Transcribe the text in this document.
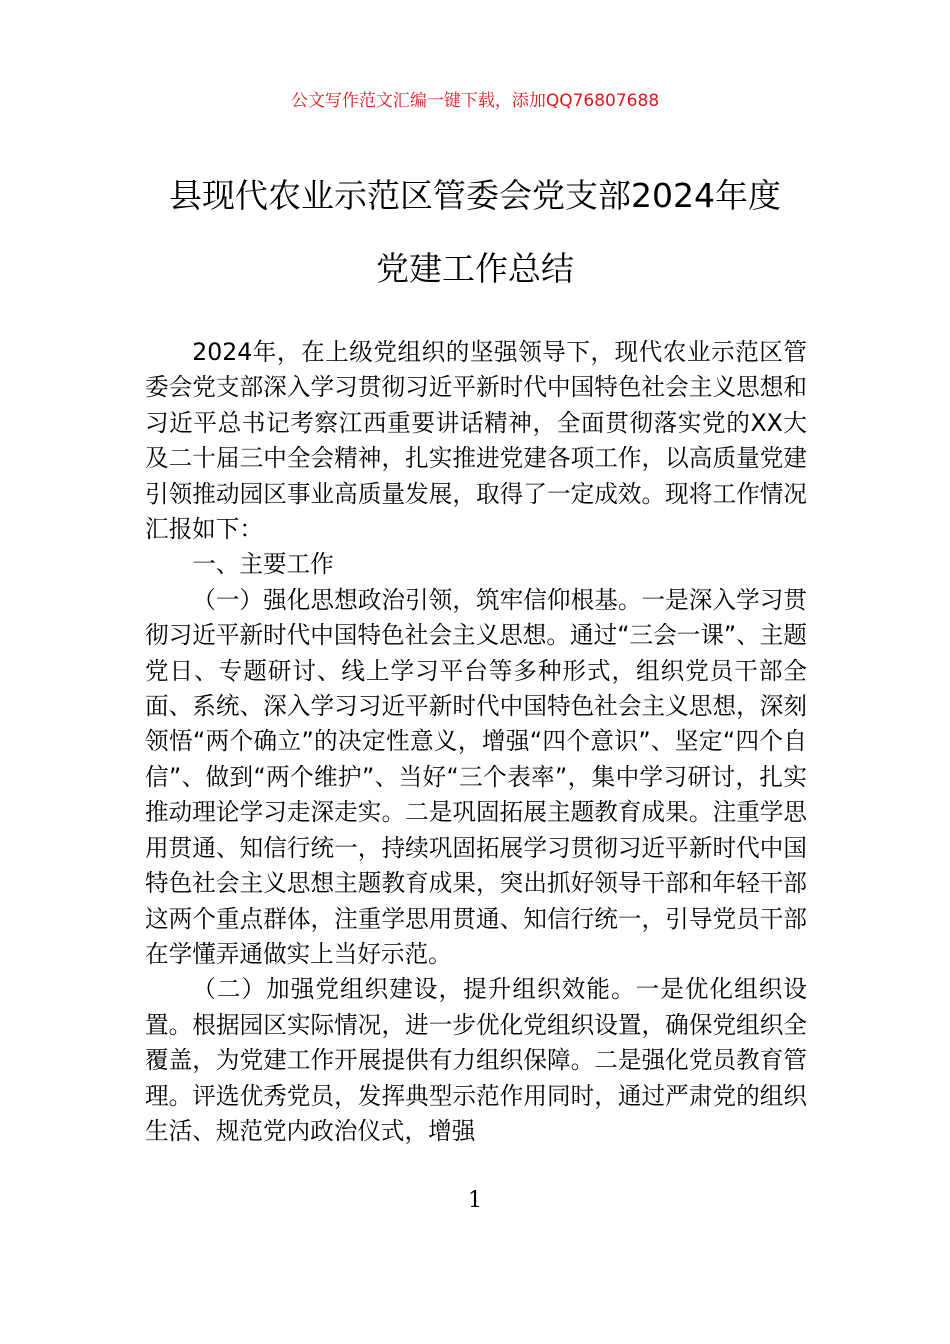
公文写作范文汇编一键下载，添加QQ76807688
县现代农业示范区管委会党支部2024年度
党建工作总结

2024年，在上级党组织的坚强领导下，现代农业示范区管委会党支部深入学习贯彻习近平新时代中国特色社会主义思想和习近平总书记考察江西重要讲话精神，全面贯彻落实党的XX大及二十届三中全会精神，扎实推进党建各项工作，以高质量党建引领推动园区事业高质量发展，取得了一定成效。现将工作情况汇报如下：

一、主要工作

（一）强化思想政治引领，筑牢信仰根基。一是深入学习贯彻习近平新时代中国特色社会主义思想。通过“三会一课”、主题党日、专题研讨、线上学习平台等多种形式，组织党员干部全面、系统、深入学习习近平新时代中国特色社会主义思想，深刻领悟“两个确立”的决定性意义，增强“四个意识”、坚定“四个自信”、做到“两个维护”、当好“三个表率”，集中学习研讨，扎实推动理论学习走深走实。二是巩固拓展主题教育成果。注重学思用贯通、知信行统一，持续巩固拓展学习贯彻习近平新时代中国特色社会主义思想主题教育成果，突出抓好领导干部和年轻干部这两个重点群体，注重学思用贯通、知信行统一，引导党员干部在学懂弄通做实上当好示范。

（二）加强党组织建设，提升组织效能。一是优化组织设置。根据园区实际情况，进一步优化党组织设置，确保党组织全覆盖，为党建工作开展提供有力组织保障。二是强化党员教育管理。评选优秀党员，发挥典型示范作用同时，通过严肃党的组织生活、规范党内政治仪式，增强

1
